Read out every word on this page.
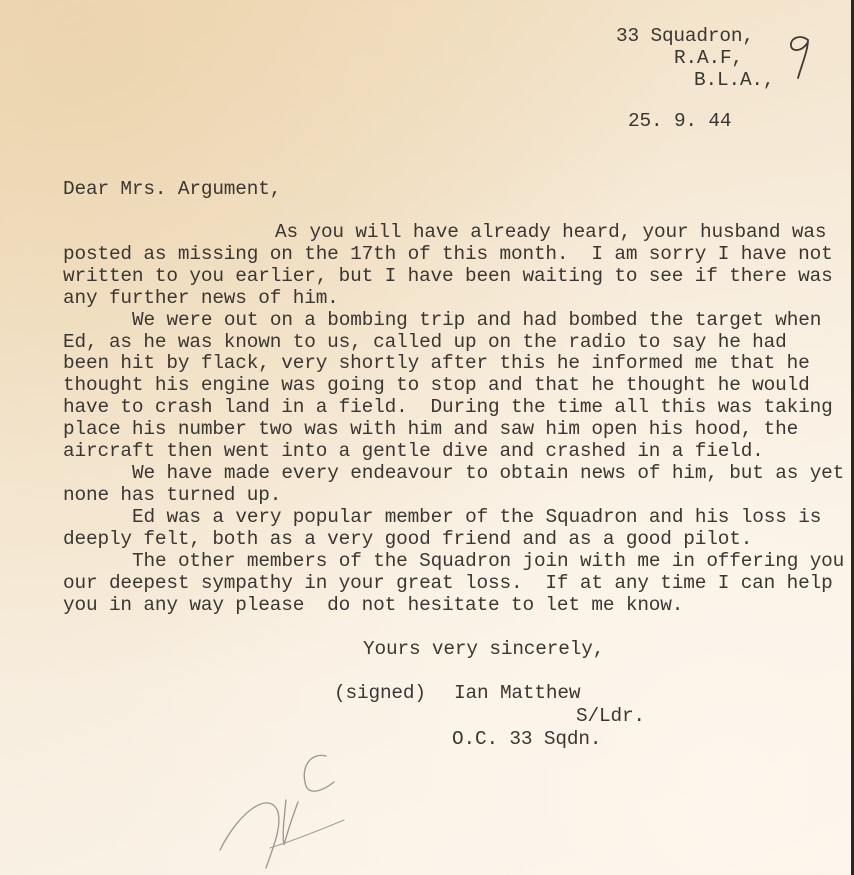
33 Squadron,
R.A.F,
B.L.A.,
25. 9. 44
Dear Mrs. Argument,
As you will have already heard, your husband was
posted as missing on the 17th of this month.  I am sorry I have not
written to you earlier, but I have been waiting to see if there was
any further news of him.
We were out on a bombing trip and had bombed the target when
Ed, as he was known to us, called up on the radio to say he had
been hit by flack, very shortly after this he informed me that he
thought his engine was going to stop and that he thought he would
have to crash land in a field.  During the time all this was taking
place his number two was with him and saw him open his hood, the
aircraft then went into a gentle dive and crashed in a field.
We have made every endeavour to obtain news of him, but as yet
none has turned up.
Ed was a very popular member of the Squadron and his loss is
deeply felt, both as a very good friend and as a good pilot.
The other members of the Squadron join with me in offering you
our deepest sympathy in your great loss.  If at any time I can help
you in any way please  do not hesitate to let me know.
Yours very sincerely,
(signed) Ian Matthew
S/Ldr.
O.C. 33 Sqdn.
